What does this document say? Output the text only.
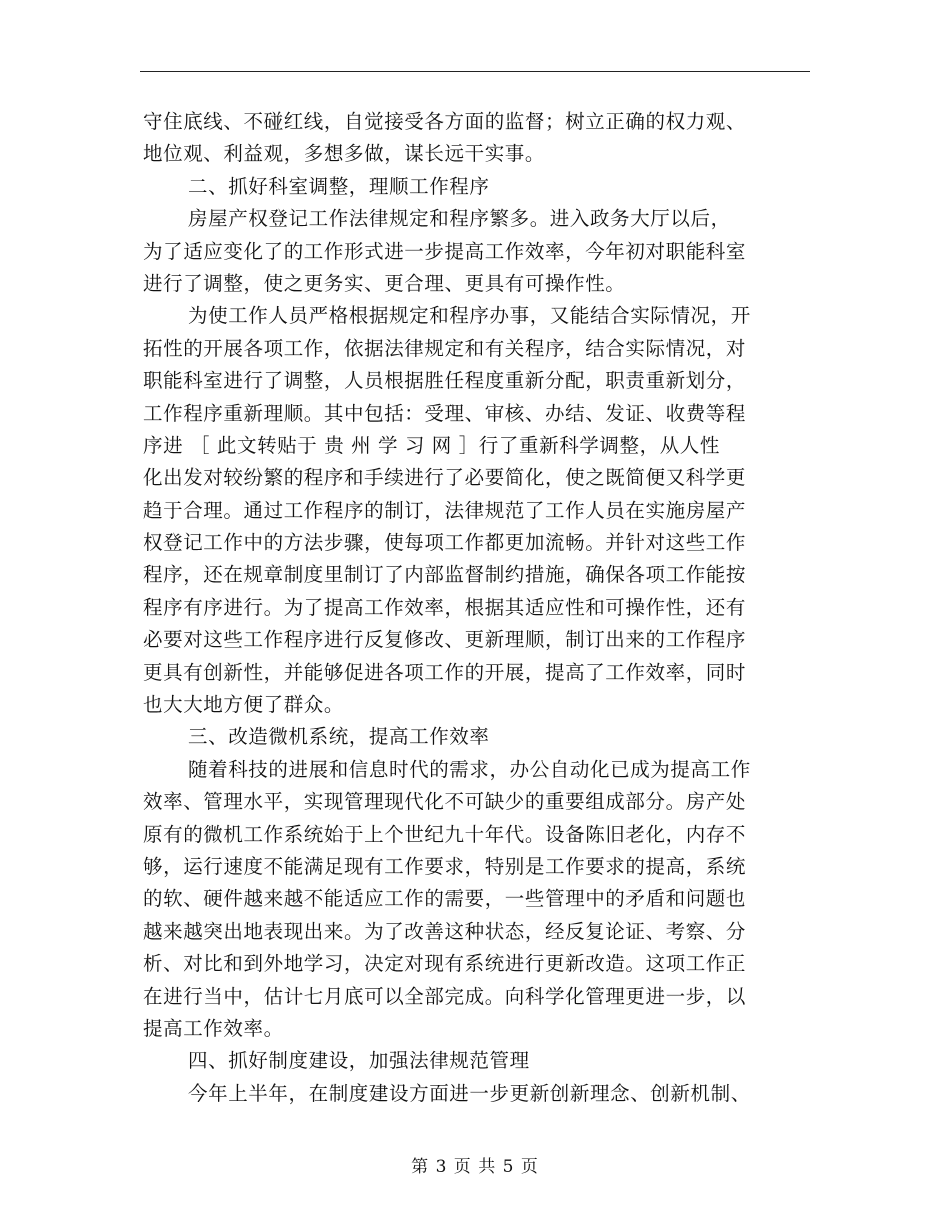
守住底线、不碰红线，自觉接受各方面的监督；树立正确的权力观、
地位观、利益观，多想多做，谋长远干实事。
二、抓好科室调整，理顺工作程序
房屋产权登记工作法律规定和程序繁多。进入政务大厅以后，
为了适应变化了的工作形式进一步提高工作效率，今年初对职能科室
进行了调整，使之更务实、更合理、更具有可操作性。
为使工作人员严格根据规定和程序办事，又能结合实际情况，开
拓性的开展各项工作，依据法律规定和有关程序，结合实际情况，对
职能科室进行了调整，人员根据胜任程度重新分配，职责重新划分，
工作程序重新理顺。其中包括：受理、审核、办结、发证、收费等程
序进 ［ 此文转贴于 贵 州 学 习 网 ］行了重新科学调整，从人性
化出发对较纷繁的程序和手续进行了必要简化，使之既简便又科学更
趋于合理。通过工作程序的制订，法律规范了工作人员在实施房屋产
权登记工作中的方法步骤，使每项工作都更加流畅。并针对这些工作
程序，还在规章制度里制订了内部监督制约措施，确保各项工作能按
程序有序进行。为了提高工作效率，根据其适应性和可操作性，还有
必要对这些工作程序进行反复修改、更新理顺，制订出来的工作程序
更具有创新性，并能够促进各项工作的开展，提高了工作效率，同时
也大大地方便了群众。
三、改造微机系统，提高工作效率
随着科技的进展和信息时代的需求，办公自动化已成为提高工作
效率、管理水平，实现管理现代化不可缺少的重要组成部分。房产处
原有的微机工作系统始于上个世纪九十年代。设备陈旧老化，内存不
够，运行速度不能满足现有工作要求，特别是工作要求的提高，系统
的软、硬件越来越不能适应工作的需要，一些管理中的矛盾和问题也
越来越突出地表现出来。为了改善这种状态，经反复论证、考察、分
析、对比和到外地学习，决定对现有系统进行更新改造。这项工作正
在进行当中，估计七月底可以全部完成。向科学化管理更进一步，以
提高工作效率。
四、抓好制度建设，加强法律规范管理
今年上半年，在制度建设方面进一步更新创新理念、创新机制、
第 3 页 共 5 页
